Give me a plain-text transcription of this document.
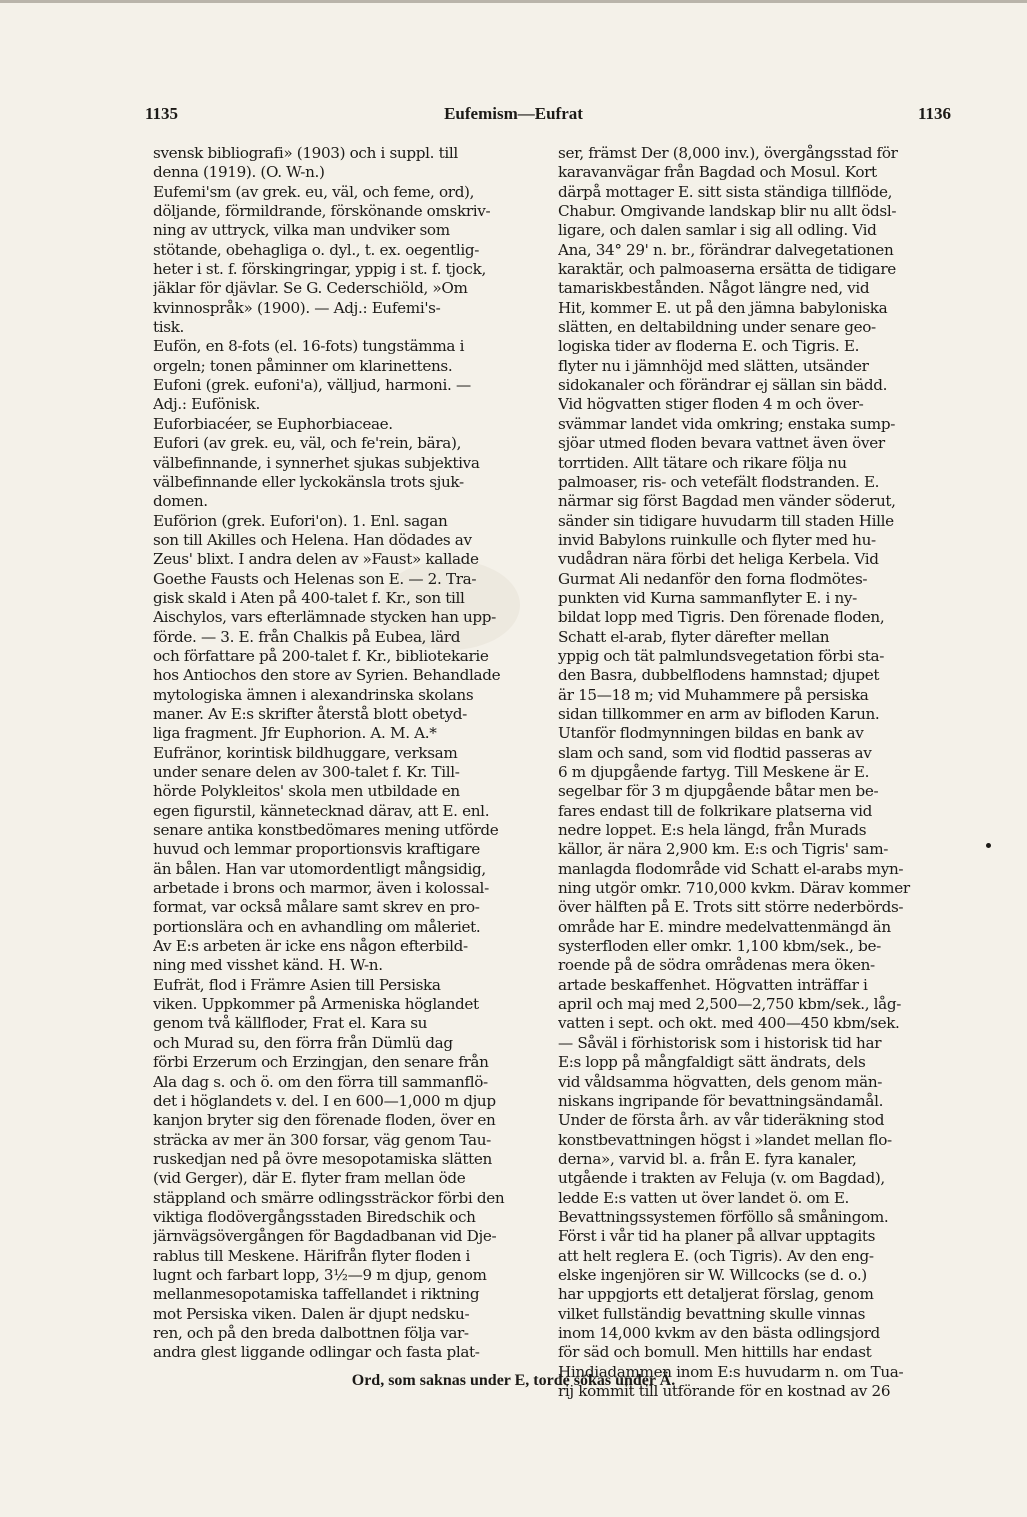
1135	Eufemism—Eufrat	1136
svensk bibliografi» (1903) och i suppl. till
denna (1919). (O. W-n.)
Eufemi'sm (av grek. eu, väl, och feme, ord),
döljande, förmildrande, förskönande omskriv-
ning av uttryck, vilka man undviker som
stötande, obehagliga o. dyl., t. ex. oegentlig-
heter i st. f. förskingringar, yppig i st. f. tjock,
jäklar för djävlar. Se G. Cederschiöld, »Om
kvinnospråk» (1900). — Adj.: Eufemi's-
tisk.
Eufön, en 8-fots (el. 16-fots) tungstämma i
orgeln; tonen påminner om klarinettens.
Eufoni (grek. eufoni'a), välljud, harmoni. —
Adj.: Eufönisk.
Euforbiacéer, se Euphorbiaceae.
Eufori (av grek. eu, väl, och fe'rein, bära),
välbefinnande, i synnerhet sjukas subjektiva
välbefinnande eller lyckokänsla trots sjuk-
domen.
Euförion (grek. Eufori'on). 1. Enl. sagan
son till Akilles och Helena. Han dödades av
Zeus' blixt. I andra delen av »Faust» kallade
Goethe Fausts och Helenas son E. — 2. Tra-
gisk skald i Aten på 400-talet f. Kr., son till
Aischylos, vars efterlämnade stycken han upp-
förde. — 3. E. från Chalkis på Eubea, lärd
och författare på 200-talet f. Kr., bibliotekarie
hos Antiochos den store av Syrien. Behandlade
mytologiska ämnen i alexandrinska skolans
maner. Av E:s skrifter återstå blott obetyd-
liga fragment. Jfr Euphorion. A. M. A.*
Eufränor, korintisk bildhuggare, verksam
under senare delen av 300-talet f. Kr. Till-
hörde Polykleitos' skola men utbildade en
egen figurstil, kännetecknad därav, att E. enl.
senare antika konstbedömares mening utförde
huvud och lemmar proportionsvis kraftigare
än bålen. Han var utomordentligt mångsidig,
arbetade i brons och marmor, även i kolossal-
format, var också målare samt skrev en pro-
portionslära och en avhandling om måleriet.
Av E:s arbeten är icke ens någon efterbild-
ning med visshet känd. H. W-n.
Eufrät, flod i Främre Asien till Persiska
viken. Uppkommer på Armeniska höglandet
genom två källfloder, Frat el. Kara su
och Murad su, den förra från Dümlü dag
förbi Erzerum och Erzingjan, den senare från
Ala dag s. och ö. om den förra till sammanflö-
det i höglandets v. del. I en 600—1,000 m djup
kanjon bryter sig den förenade floden, över en
sträcka av mer än 300 forsar, väg genom Tau-
ruskedjan ned på övre mesopotamiska slätten
(vid Gerger), där E. flyter fram mellan öde
stäppland och smärre odlingssträckor förbi den
viktiga flodövergångsstaden Biredschik och
järnvägsövergången för Bagdadbanan vid Dje-
rablus till Meskene. Härifrån flyter floden i
lugnt och farbart lopp, 3½—9 m djup, genom
mellanmesopotamiska taffellandet i riktning
mot Persiska viken. Dalen är djupt nedsku-
ren, och på den breda dalbottnen följa var-
andra glest liggande odlingar och fasta plat-
ser, främst Der (8,000 inv.), övergångsstad för
karavanvägar från Bagdad och Mosul. Kort
därpå mottager E. sitt sista ständiga tillflöde,
Chabur. Omgivande landskap blir nu allt ödsl-
ligare, och dalen samlar i sig all odling. Vid
Ana, 34° 29' n. br., förändrar dalvegetationen
karaktär, och palmoaserna ersätta de tidigare
tamariskbestånden. Något längre ned, vid
Hit, kommer E. ut på den jämna babyloniska
slätten, en deltabildning under senare geo-
logiska tider av floderna E. och Tigris. E.
flyter nu i jämnhöjd med slätten, utsänder
sidokanaler och förändrar ej sällan sin bädd.
Vid högvatten stiger floden 4 m och över-
svämmar landet vida omkring; enstaka sump-
sjöar utmed floden bevara vattnet även över
torrtiden. Allt tätare och rikare följa nu
palmoaser, ris- och vetefält flodstranden. E.
närmar sig först Bagdad men vänder söderut,
sänder sin tidigare huvudarm till staden Hille
invid Babylons ruinkulle och flyter med hu-
vudådran nära förbi det heliga Kerbela. Vid
Gurmat Ali nedanför den forna flodmötes-
punkten vid Kurna sammanflyter E. i ny-
bildat lopp med Tigris. Den förenade floden,
Schatt el-arab, flyter därefter mellan
yppig och tät palmlundsvegetation förbi sta-
den Basra, dubbelflodens hamnstad; djupet
är 15—18 m; vid Muhammere på persiska
sidan tillkommer en arm av bifloden Karun.
Utanför flodmynningen bildas en bank av
slam och sand, som vid flodtid passeras av
6 m djupgående fartyg. Till Meskene är E.
segelbar för 3 m djupgående båtar men be-
fares endast till de folkrikare platserna vid
nedre loppet. E:s hela längd, från Murads
källor, är nära 2,900 km. E:s och Tigris' sam-
manlagda flodområde vid Schatt el-arabs myn-
ning utgör omkr. 710,000 kvkm. Därav kommer
över hälften på E. Trots sitt större nederbörds-
område har E. mindre medelvattenmängd än
systerfloden eller omkr. 1,100 kbm/sek., be-
roende på de södra områdenas mera öken-
artade beskaffenhet. Högvatten inträffar i
april och maj med 2,500—2,750 kbm/sek., låg-
vatten i sept. och okt. med 400—450 kbm/sek.
— Såväl i förhistorisk som i historisk tid har
E:s lopp på mångfaldigt sätt ändrats, dels
vid våldsamma högvatten, dels genom män-
niskans ingripande för bevattningsändamål.
Under de första årh. av vår tideräkning stod
konstbevattningen högst i »landet mellan flo-
derna», varvid bl. a. från E. fyra kanaler,
utgående i trakten av Feluja (v. om Bagdad),
ledde E:s vatten ut över landet ö. om E.
Bevattningssystemen förföllo så småningom.
Först i vår tid ha planer på allvar upptagits
att helt reglera E. (och Tigris). Av den eng-
elske ingenjören sir W. Willcocks (se d. o.)
har uppgjorts ett detaljerat förslag, genom
vilket fullständig bevattning skulle vinnas
inom 14,000 kvkm av den bästa odlingsjord
för säd och bomull. Men hittills har endast
Hindiadammen inom E:s huvudarm n. om Tua-
rij kommit till utförande för en kostnad av 26
Ord, som saknas under E, torde sökas under Ä.
